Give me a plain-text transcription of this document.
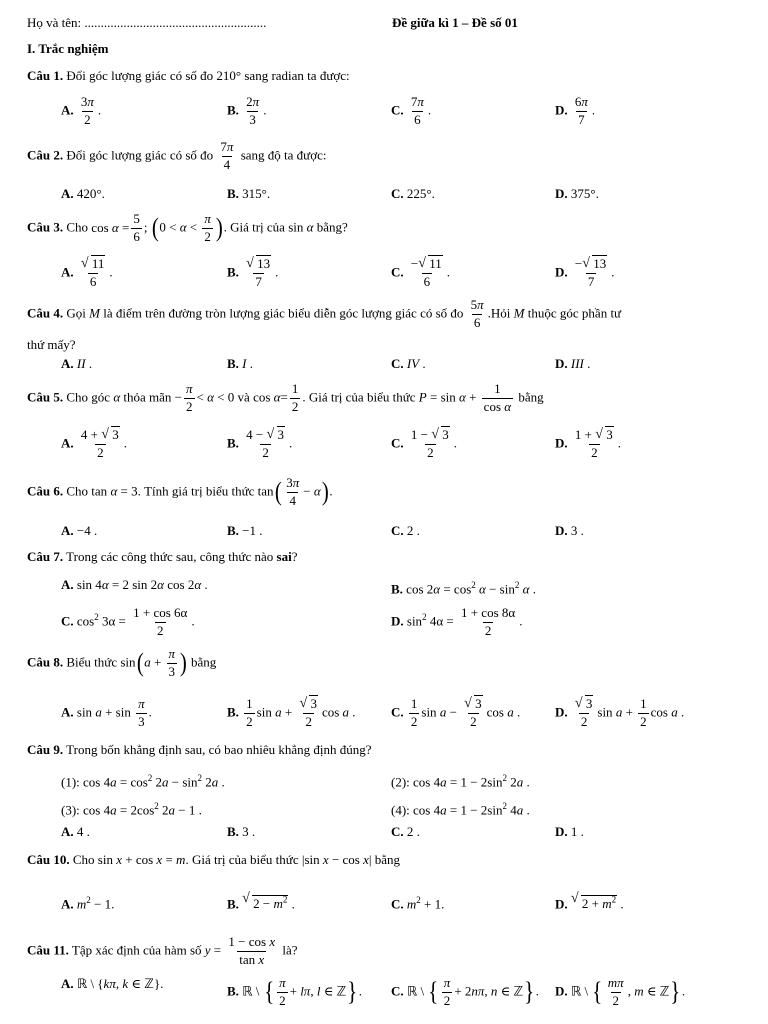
Họ và tên: ........................................................	Đề giữa kì 1 – Đề số 01
I. Trắc nghiệm
Câu 1. Đổi góc lượng giác có số đo 210° sang radian ta được:
A. $\frac{3\pi}{2}$ .	B. $\frac{2\pi}{3}$ .	C. $\frac{7\pi}{6}$ .	D. $\frac{6\pi}{7}$ .
Câu 2. Đổi góc lượng giác có số đo $\frac{7\pi}{4}$ sang độ ta được:
A. 420°.	B. 315°.	C. 225°.	D. 375°.
Câu 3. Cho $\cos \alpha = \frac{5}{6}$ ; ($0 < \alpha < \frac{\pi}{2}$ ). Giá trị của sin α bằng?
A. √ $\frac{11}{6}$ .	B. √ $\frac{13}{7}$ .	C. $\frac{- √ 11}{6}$ .	D. $\frac{- √ 13}{7}$ .
Câu 4. Gọi M là điểm trên đường tròn lượng giác biểu diễn góc lượng giác có số đo $\frac{5\pi}{6}$ .Hỏi M thuộc góc phần tư
thứ mấy?
A. II .	B. I .	C. IV .	D. III .
Câu 5. Cho góc α thỏa mãn − $\frac{\pi}{2} < \alpha < 0$ và $\cos \alpha= \frac{1}{2}$ . Giá trị của biểu thức $P = \sin \alpha + \frac{1}{\text{cos α}}$ bằng
A. $\frac{4 + √ 3}{2}$ .	B. $\frac{4 - √ 3}{2}$ .	C. $\frac{1 - √ 3}{2}$ .	D. $\frac{1 + √ 3}{2}$ .
Câu 6. Cho tan α = 3. Tính giá trị biểu thức $\tan( \frac{3\pi}{4} - \alpha)$.
A. −4 .	B. −1 .	C. 2 .	D. 3 .
Câu 7. Trong các công thức sau, công thức nào sai?
A. sin 4α = 2 sin 2α cos 2α .	B. $\cos 2\alpha = \cos^2 \alpha - \sin^2 \alpha$ .
C. $\cos^2 3\alpha = \frac{1 + \cos 6\alpha}{2}$ .	D. $\sin^2 4\alpha = \frac{1 + \cos 8\alpha}{2}$ .
Câu 8. Biểu thức $\sin(a + \frac{\pi}{3}$ ) bằng
A. $\sin a + \sin \frac{\pi}{3}$ .	B. $\frac{1}{2}$ sin a + √ $\frac{3}{2}$ cos a .	C. $\frac{1}{2}$ sin a − √ $\frac{3}{2}$ cos a .	D. √ $\frac{3}{2}$ $\sin a + \frac{1}{2}$ cos a .
Câu 9. Trong bốn khẳng định sau, có bao nhiêu khẳng định đúng?
(1): $\cos 4a = \cos^2 2a - \sin^2 2a$ .	(2): $\cos 4a = 1 - 2\sin^2$ 2a .
(3): $\cos 4a = 2\cos^2$ 2a − 1 .	(4): $\cos 4a = 1 - 2\sin^2$ 4a .
A. 4 .	B. 3 .	C. 2 .	D. 1 .
Câu 10. Cho sin x + cos x = m. Giá trị của biểu thức |sin x − cos x| bằng
A. $m^2 - 1$.	B. √ $2 - m^2$ .	C. $m^2 + 1$.	D. √ $2 + m^2$ .
Câu 11. Tập xác định của hàm số $y = \frac{\text{1 − cos x}}{\text{tan x}}$ là?
A. ℝ \ {kπ, k ∈ ℤ}.	B. ℝ \ { $\frac{\pi}{2} + l\pi$, l ∈ ℤ}. C. ℝ \ { $\frac{\pi}{2} + 2n\pi$, n ∈ ℤ}. D. ℝ \ { $\frac{m\pi}{2}$ , m ∈ ℤ}.
